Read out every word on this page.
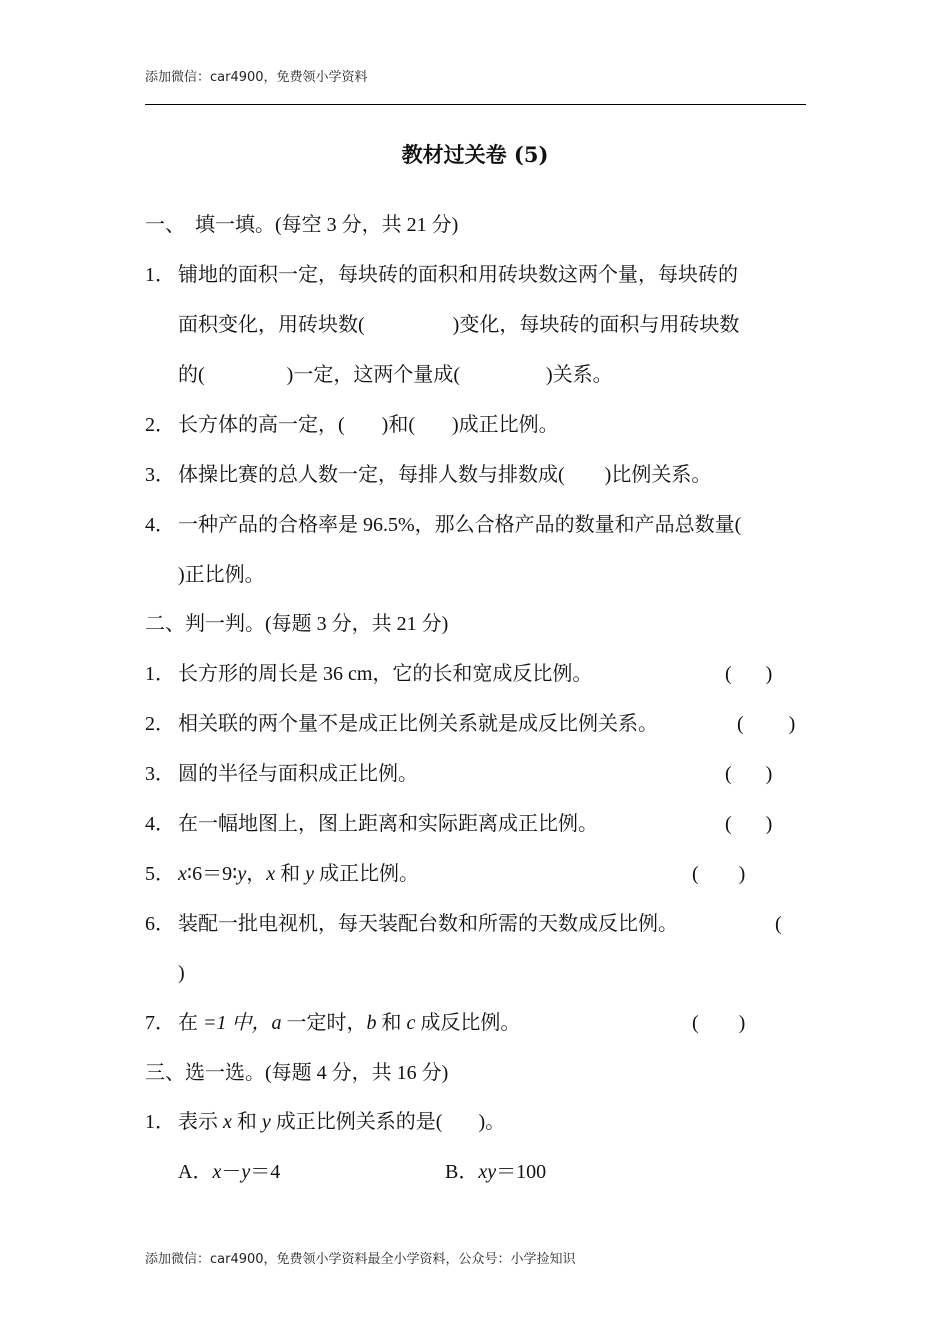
添加微信：car4900，免费领小学资料
教材过关卷 (5)
一、　填一填。(每空 3 分，共 21 分)
1． 铺地的面积一定，每块砖的面积和用砖块数这两个量，每块砖的
面积变化，用砖块数(	)变化，每块砖的面积与用砖块数
的(	)一定，这两个量成(	)关系。
2． 长方体的高一定，( )和( )成正比例。
3． 体操比赛的总人数一定，每排人数与排数成( )比例关系。
4． 一种产品的合格率是 96.5%，那么合格产品的数量和产品总数量(
)正比例。
二、判一判。(每题 3 分，共 21 分)
1． 长方形的周长是 36 cm，它的长和宽成反比例。	( )
2． 相关联的两个量不是成正比例关系就是成反比例关系。	( )
3． 圆的半径与面积成正比例。	( )
4． 在一幅地图上，图上距离和实际距离成正比例。	( )
5． x∶6＝9∶y，x 和 y 成正比例。	( )
6． 装配一批电视机，每天装配台数和所需的天数成反比例。	(
)
7． 在 =1 中，a 一定时，b 和 c 成反比例。	( )
三、选一选。(每题 4 分，共 16 分)
1． 表示 x 和 y 成正比例关系的是( )。
A．x－y＝4	B．xy＝100
添加微信：car4900，免费领小学资料最全小学资料，公众号：小学捡知识
